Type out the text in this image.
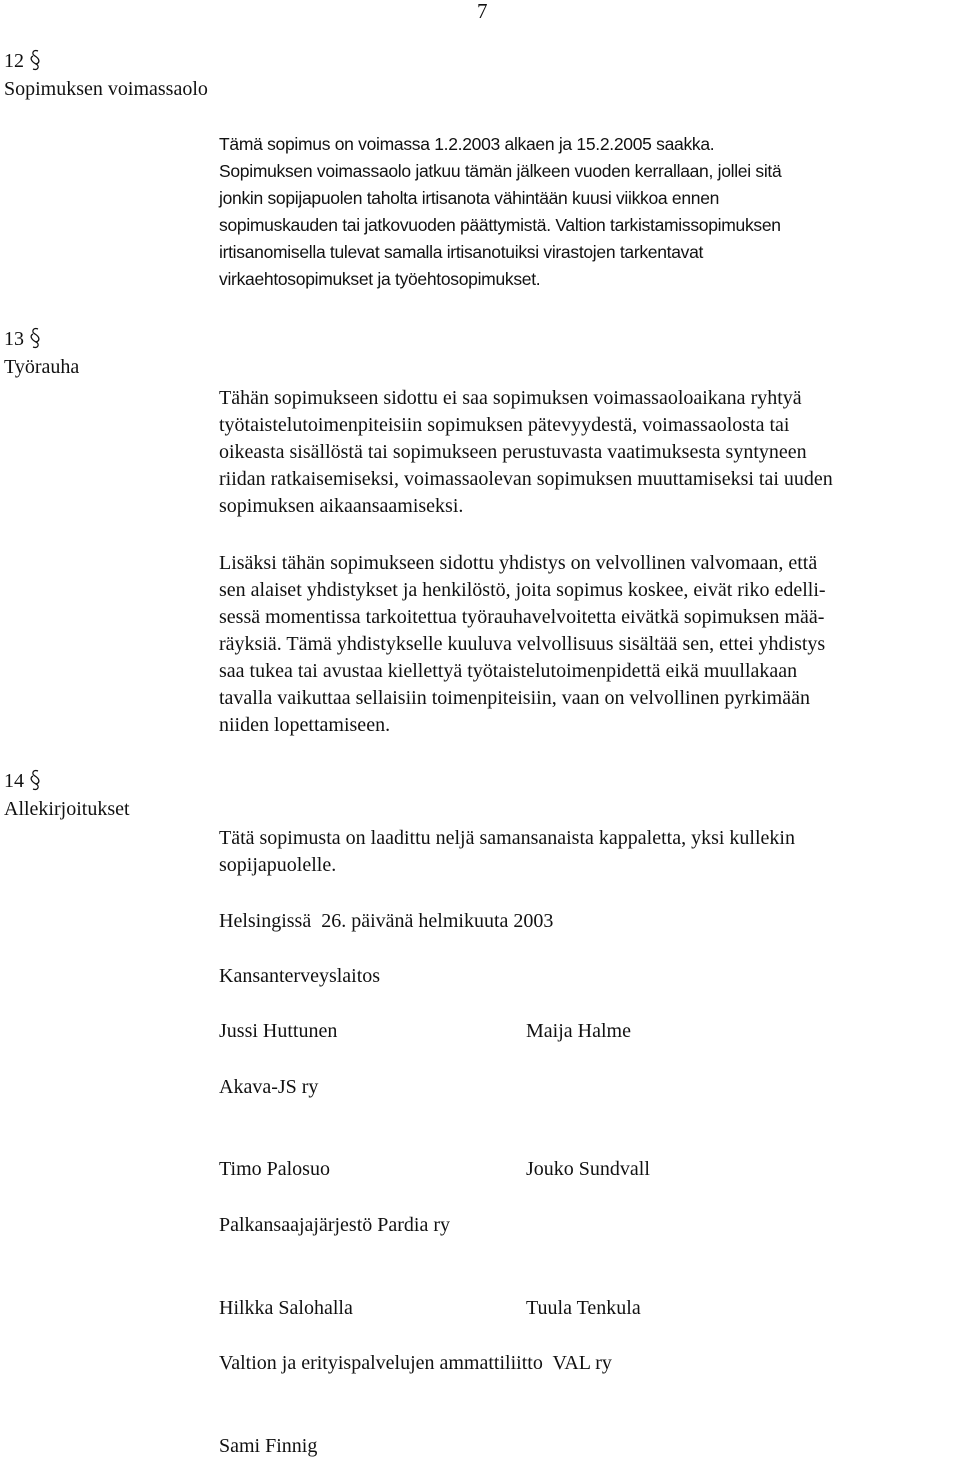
7
12
Sopimuksen voimassaolo
Tämä sopimus on voimassa 1.2.2003 alkaen ja 15.2.2005 saakka.
Sopimuksen voimassaolo jatkuu tämän jälkeen vuoden kerrallaan, jollei sitä
jonkin sopijapuolen taholta irtisanota vähintään kuusi viikkoa ennen
sopimuskauden tai jatkovuoden päättymistä. Valtion tarkistamissopimuksen
irtisanomisella tulevat samalla irtisanotuiksi virastojen tarkentavat
virkaehtosopimukset ja työehtosopimukset.
13
Työrauha
Tähän sopimukseen sidottu ei saa sopimuksen voimassaoloaikana ryhtyä
työtaistelutoimenpiteisiin sopimuksen pätevyydestä, voimassaolosta tai
oikeasta sisällöstä tai sopimukseen perustuvasta vaatimuksesta syntyneen
riidan ratkaisemiseksi, voimassaolevan sopimuksen muuttamiseksi tai uuden
sopimuksen aikaansaamiseksi.
Lisäksi tähän sopimukseen sidottu yhdistys on velvollinen valvomaan, että
sen alaiset yhdistykset ja henkilöstö, joita sopimus koskee, eivät riko edelli-
sessä momentissa tarkoitettua työrauhavelvoitetta eivätkä sopimuksen mää-
räyksiä. Tämä yhdistykselle kuuluva velvollisuus sisältää sen, ettei yhdistys
saa tukea tai avustaa kiellettyä työtaistelutoimenpidettä eikä muullakaan
tavalla vaikuttaa sellaisiin toimenpiteisiin, vaan on velvollinen pyrkimään
niiden lopettamiseen.
14
Allekirjoitukset
Tätä sopimusta on laadittu neljä samansanaista kappaletta, yksi kullekin
sopijapuolelle.
Helsingissä  26. päivänä helmikuuta 2003
Kansanterveyslaitos
Jussi Huttunen	Maija Halme
Akava-JS ry
Timo Palosuo	Jouko Sundvall
Palkansaajajärjestö Pardia ry
Hilkka Salohalla	Tuula Tenkula
Valtion ja erityispalvelujen ammattiliitto  VAL ry
Sami Finnig
